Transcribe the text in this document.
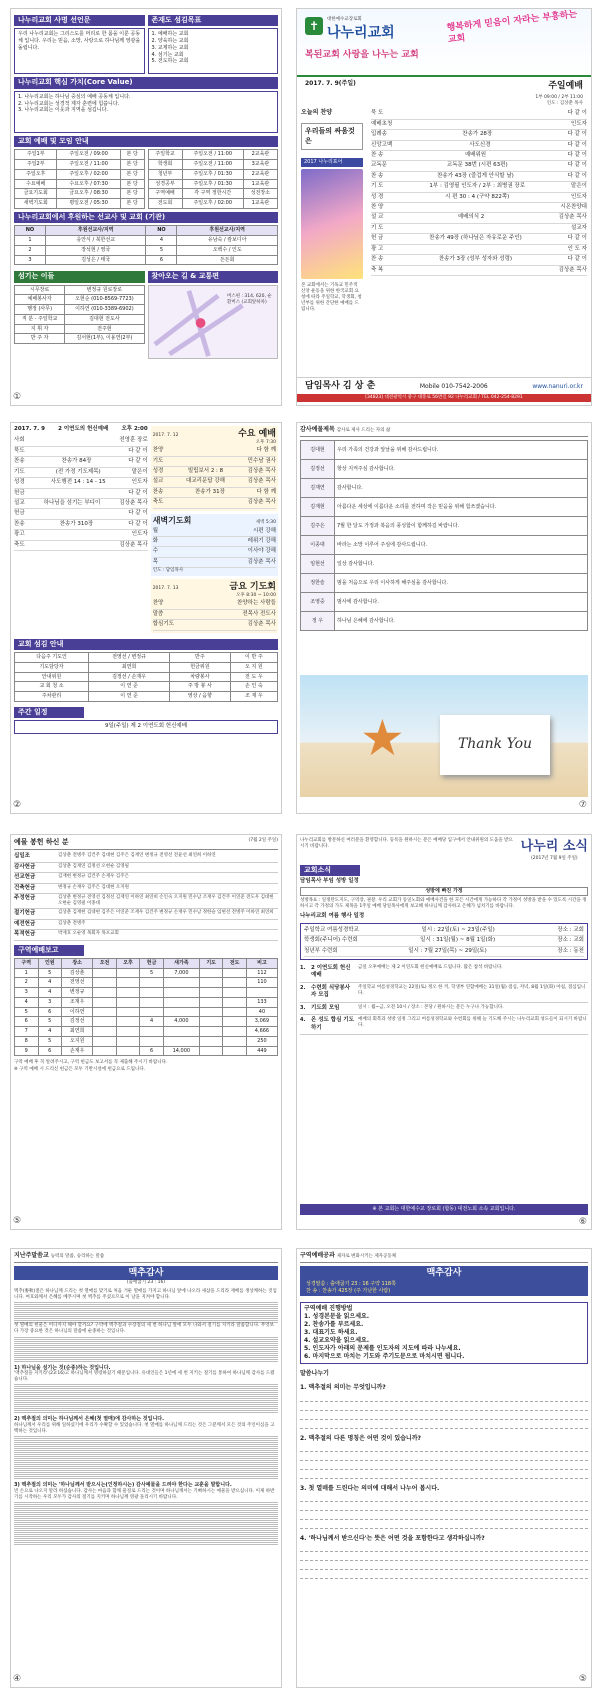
나누리교회 사명 선언문
우리 나누리교회는 그리스도를 머리로 한 몸을 이룬 공동체 입니다. 우리는 믿음, 소망, 사랑으로 하나님께 영광을 돌립니다.
존재도 섬김목표
1. 예배하는 교회
2. 양육하는 교회
3. 교제하는 교회
4. 섬기는 교회
5. 전도하는 교회
나누리교회 핵심 가치(Core Value)
1. 나누리교회는 하나님 중심의 예배 공동체 입니다.
2. 나누리교회는 성경적 제자 훈련에 힘씁니다.
3. 나누리교회는 이웃과 지역을 섬깁니다.
교회 예배 및 모임 안내
주일1부	주일오전 / 09:00	본 당
주일2부	주일오전 / 11:00	본 당
주일오후	주일오후 / 02:00	본 당
수요예배	수요오후 / 07:30	본 당
금요기도회	금요오후 / 08:30	본 당
새벽기도회	평일오전 / 05:30	본 당
주일학교	주일오전 / 11:00	2교육관
학생회	주일오전 / 11:00	3교육관
청년부	주일오후 / 01:30	2교육관
성경공부	주일오후 / 01:30	1교육관
구역예배	각 구역 정한시간	성전장소
전도회	주일오후 / 02:00	1교육관
나누리교회에서 후원하는 선교사 및 교회 (기관)
NO	후원선교사/지역	NO	후원선교사/지역
1	응안식 / 북한선교	4	유남숙 / 캄보디아
2	장석현 / 영국	5	오백수 / 인도
3	김성은 / 태국	6	든든회
섬기는 이들
시무장로	변정규 원로장로
예배봉사자	오현순 (010-8569-7723)
행정 (사무)	이하연 (010-3389-6902)
직 분 · 주일학교	김대현 전도사
지 휘 자	전주현
반 주 자	김서현(1부), 이용연(2부)
찾아오는 길 & 교통편
버스편 : 314, 620, 순환버스 (교회앞하차)
①
✝	대한예수교장로회
나누리교회	행복하게 믿음이 자라는 부흥하는 교회
복된교회 사랑을 나누는 교회
2017. 7. 9(주일)	주일예배
1부 09:00 / 2부 11:00
인도 : 김상춘 목사
오늘의 찬양
우리들의 싸움것은
2017 나누리표어
본 교회에서는 기독교 민주적 신앙 운동을 위한 한국교회 요청에 따라 주일학교, 학생회, 청년부를 위한 간단한 예배를 드립니다.
묵 도	다 같 이
예배초청	인도자
입례송	찬송가 28장	다 같 이
신앙고백	사도신경	다 같 이
찬 송	예배위원	다 같 이
교독문	교독문 38번 (시편 63편)	다 같 이
찬 송	찬송가 43장 (즐겁게 안식할 날)	다 같 이
기 도	1부 : 김영필 인도자 / 2부 : 최병권 장로	맡은이
성 경	시 편 30 : 4 (구약 822쪽)	인도자
찬 양	시온찬양대
설 교	예배의식 2	김상춘 목사
기 도	설교자
헌 금	찬송가 49장 (하나님은 자유로운 주인)	다 같 이
광 고	인 도 자
찬 송	찬송가 3장 (성부 성자와 성령)	다 같 이
축 복	김상춘 목사
담임목사 김 상 춘	Mobile 010-7542-2006	www.nanuri.or.kr
[34823] 대전광역시 중구 대흥로 56번길 92 나누리교회 / TEL 042-254-8291
2017. 7. 9 2 이연도의 헌신예배 오후 2:00
사회	전영훈 장로
묵도	다 같 이
찬송	찬송가 84장	다 같 이
기도	(전 가정 기도제목)	맡은이
성경	사도행전 14 : 14 - 15	인도자
헌금	다 같 이
설교	하나님을 섬기는 부디이	김상춘 목사
헌금	다 같 이
찬송	찬송가 310장	다 같 이
광고	인도자
축도	김상춘 목사
2017. 7. 12	수요 예배
오후 7:30
찬양	다 함 께
기도	민수남 권사
성경	빌립보서 2 : 8	김상춘 목사
설교	대교리문답 강해	김상춘 목사
찬송	찬송가 31장	다 함 께
축도	김상춘 목사
새벽기도회	새벽 5:30
월	시편 강해
화	레위기 강해
수	이사야 강해
목	김상춘 목사
인도 : 담임목사
2017. 7. 13	금요 기도회
오후 8:30 ~ 10:00
찬양	찬양하는 사람들
말씀	전목사 전도사
합심기도	김상춘 목사
교회 섬김 안내
다음주 기도인	전영선 / 변정규	반주	이 반 주
기도담당자	최연희	헌금위원	오 지 원
안내위원	김정선 / 손재우	차량봉사	전 도 우
교 회 청 소	이 연 준	주 방 봉 사	손 인 숙
주차관리	이 연 준	영상 / 음향	조 재 우
주간 일정
9일(주일) 제 2 이연도회 헌신예배
②
감사예물제목 감사로 제사 드리는 자의 삶
김대현	우리 가족의 건강과 앞날을 위해 감사드립니다.
김정선	항상 지켜주심 감사합니다.
김재연	감사합니다.
김재현	아름다운 세상에 이름다운 소리를 전하며 작은 믿음을 위해 힘쓰겠습니다.
김주은	7월 한 달도 가정과 복음의 풍성함이 함께하길 바랍니다.
이종대	바라는 소망 이루어 주심에 감사드립니다.
임현선	일상 감사합니다.
정한슬	범을 처음으로 우리 이사하게 해주심을 감사합니다.
조영중	범사에 감사합니다.
정 우	하나님 은혜에 감사합니다.
★	Thank You
⑦
예물 봉헌 하신 분	(7월 2일 주일)
십일조	김상춘 전병주 김건주 김대현 김주은 김재연 변정규 전영선 전윤선 최연희 이하연
감사헌금	김상춘 김재연 김정선 오현순 김영필
선교헌금	김재현 변정규 김건주 손재우 김주은
건축헌금	변정규 손재우 김주은 김대현 오지원
주정헌금	김상춘 변정규 전영선 김정선 김재연 이하연 최연희 손인숙 오지원 민수남 조재우 김건주 이연준 전도우 김대현 오현순 김영필 이종대
절기헌금	김상춘 김재현 김대현 김주은 이연준 조재우 김건주 변정규 손재우 민수남 정한슬 임현선 전병주 이하연 최연희
예전헌금	김상춘 전병주
목적헌금	박재호 오순영 목회자 목포교회
구역예배보고
구역	인원	장소	오전	오후	헌금	새가족	기도	전도	비고
1	5	김상춘			5	7,000			112
2	4	전영선							110
3	4	변정규							
4	3	조재우							133
5	6	이하연							40
6	5	김정선			4	4,000			3,069
7	4	최연희							4,666
8	5	오지원							250
9	6	손재우			6	14,000			449
구역 예배 후 꼭 알려주시고, 구역 헌금도 보고서를 꼭 제출해 주시기 바랍니다.
※ 구역 예배 시 드리신 헌금은 모두 기반시설에 헌금으로 드립니다.
⑤
나누리교회를 방문하신 여러분을 환영합니다. 등록을 원하시는 분은 예배당 입구에서 안내위원의 도움을 받으시기 바랍니다.	나누리 소식
(2017년 7월 9일 주일)
교회소식
담임목사 부임 성방 일정
성방에 빠진 가정
성방목표 : 일정탄도지도, 구역장, 권찰. 우리 교회가 동일노회와 예배사건을 한 모든 시간에게 가능하다 각 가정이 성방을 받을 수 있도록 시간을 정하시고 각 가정의 가도 제목을 1주일 예배 당일목사에게 보고해 하나님께 감사하고 은혜가 넘치기를 바랍니다.
나누리교회 여름 행사 일정
주일학교 여름성경학교	일시 : 22일(토) ~ 23일(주일)	장소 : 교회
학생회(주니어) 수련회	일시 : 31일(월) ~ 8월 1일(화)	장소 : 교회
청년부 수련회	일시 : 7월 27일(목) ~ 29일(토)	장소 : 동천
1.	2 이연도회 헌신예배
금일 오후예배는 제 2 이연도회 헌신예배로 드립니다. 많은 참석 바랍니다.
2.	수련회 식당봉사자 모집
주일학교 여름성경학교는 22일(토) 정오 한 끼, 학생부 연합예배는 31일(월) 점심, 저녁, 8월 1일(화) 아침, 점심입니다.
3.	기도회 모임	일시 : 월~금, 오전 10시 / 장소 : 본당 / 원하시는 분은 누구나 가능합니다.
4.	온 성도 합심 기도하기
예배의 회복과 성방 일정 그리고 여름성경학교와 수련회를 위해 늘 기도해 주시는 나누리교회 성도들이 되시기 바랍니다.
※ 본 교회는 대한예수교 장로회 (합동) 대전노회 소속 교회입니다.
⑥
지난주말씀교 능력의 말씀, 승리하는 말씀
맥추감사
(출애굽기 23 : 16)
맥추(麥秋)절은 하나님께 드리는 첫 열매를 맞기로 처음 거둔 열매를 가지고 하나님 앞에 나오라 새삼을 드리라 재배를 생상케하는 것입니다. 여호와께서 은혜를 베푸시며 첫 맥추를 주셨으므로 이 날을 지켜야 합니다.
첫 열매의 헌물은 어디까지 해야 할까요? 구약에 맥추절과 수장절의 세 번 하나님 앞에 모두 나와서 절기를 지키라 말씀합니다. 무엇보다 가장 중요한 것은 하나님의 말씀에 순종하는 것입니다.
1) 하나님을 섬기는 것(순종)하는 것입니다.
'맥추절을 지키라'(23:16)고 하나님께서 명령하셨기 때문입니다. 유대인들은 1년에 세 번 지키는 절기를 통하여 하나님께 감사를 드렸습니다.
2) 맥추절의 의미는 하나님께서 은혜(첫 열매)에 감사하는 것입니다.
하나님께서 우리를 위해 일하셨기에 우리가 수확할 수 있었습니다. 첫 열매를 하나님께 드리는 것은 그분께서 모든 것의 주인이심을 고백하는 것입니다.
3) 맥추절의 의미는 '하나님께서 받으시는(인정하시는) 감사예물을 드려야 한다는 교훈을 말합니다.
빈 손으로 나오지 말라 하셨습니다. 감사는 마음과 함께 물질로 드리는 것이며 하나님께서는 기뻐하시는 예물을 받으십니다. 이제 하반기를 시작하는 우리 모두가 감사의 절기를 지키며 하나님께 영광 돌리시기 바랍니다.
④
구역예배공과 제자로 변화시키는 제자공동체
맥추감사
성경말씀 : 출애굽기 23 : 16 구약 118쪽
찬 송 : 찬송가 425장 (주 가난한 사람)
구역예배 진행방법
1. 성경본문을 읽으세요.
2. 찬송가를 부르세요.
3. 대표기도 하세요.
4. 설교요약을 읽으세요.
5. 인도자가 아래의 문제를 인도자의 지도에 따라 나누세요.
6. 마지막으로 마치는 기도와 주기도문으로 마치시면 됩니다.
말씀나누기
1. 맥추절의 의미는 무엇입니까?
2. 맥추절의 다른 명칭은 어떤 것이 있습니까?
3. 첫 열매를 드린다는 의미에 대해서 나누어 봅시다.
4. '하나님께서 받으신다'는 뜻은 어떤 것을 포함한다고 생각하십니까?
⑤
